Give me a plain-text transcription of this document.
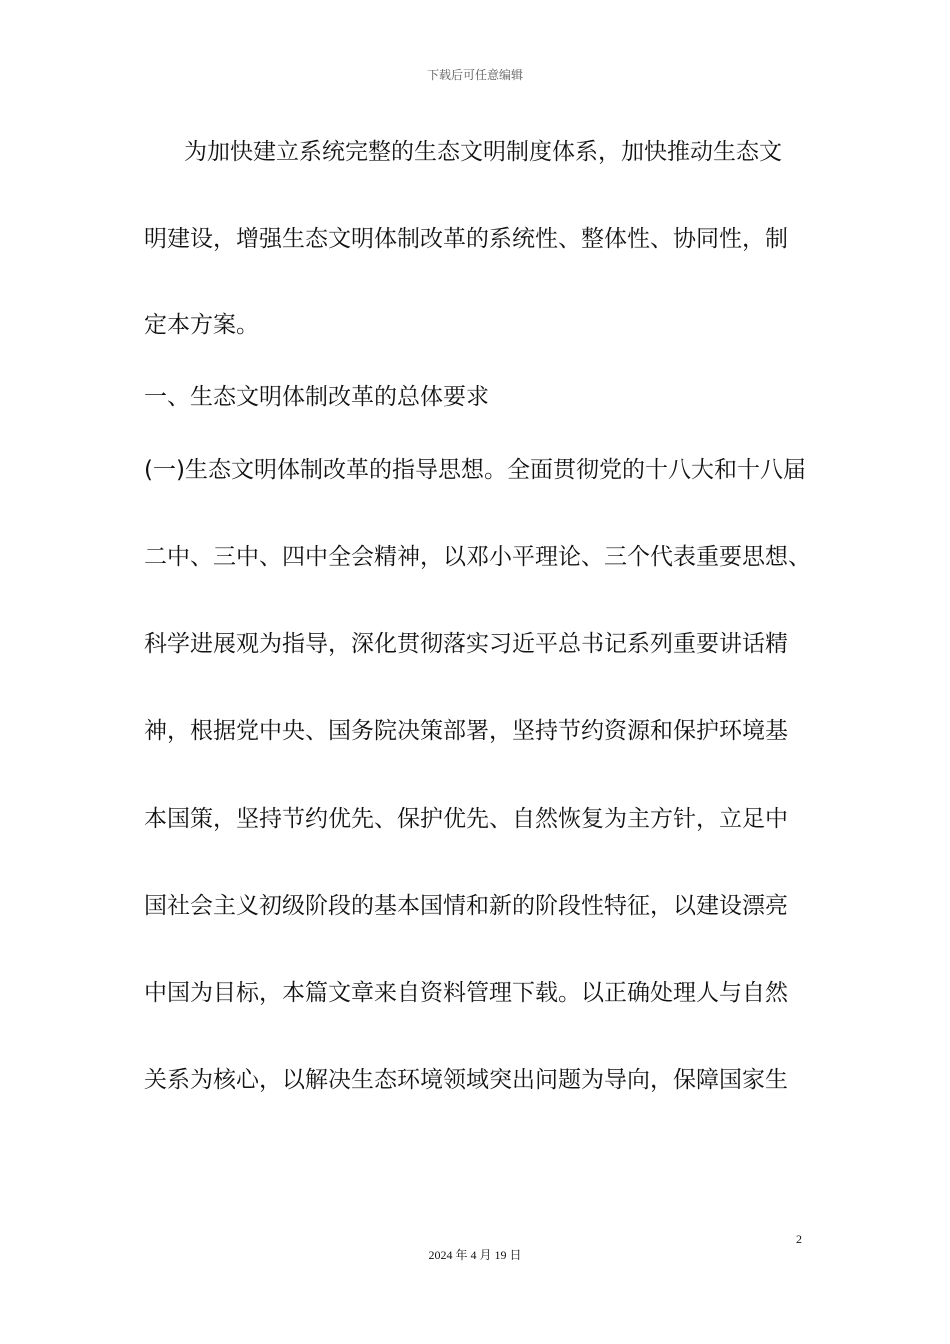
下载后可任意编辑
为加快建立系统完整的生态文明制度体系，加快推动生态文
明建设，增强生态文明体制改革的系统性、整体性、协同性，制
定本方案。
一、生态文明体制改革的总体要求
(一)生态文明体制改革的指导思想。全面贯彻党的十八大和十八届
二中、三中、四中全会精神，以邓小平理论、三个代表重要思想、
科学进展观为指导，深化贯彻落实习近平总书记系列重要讲话精
神，根据党中央、国务院决策部署，坚持节约资源和保护环境基
本国策，坚持节约优先、保护优先、自然恢复为主方针，立足中
国社会主义初级阶段的基本国情和新的阶段性特征，以建设漂亮
中国为目标，本篇文章来自资料管理下载。以正确处理人与自然
关系为核心，以解决生态环境领域突出问题为导向，保障国家生
2
2024 年 4 月 19 日
